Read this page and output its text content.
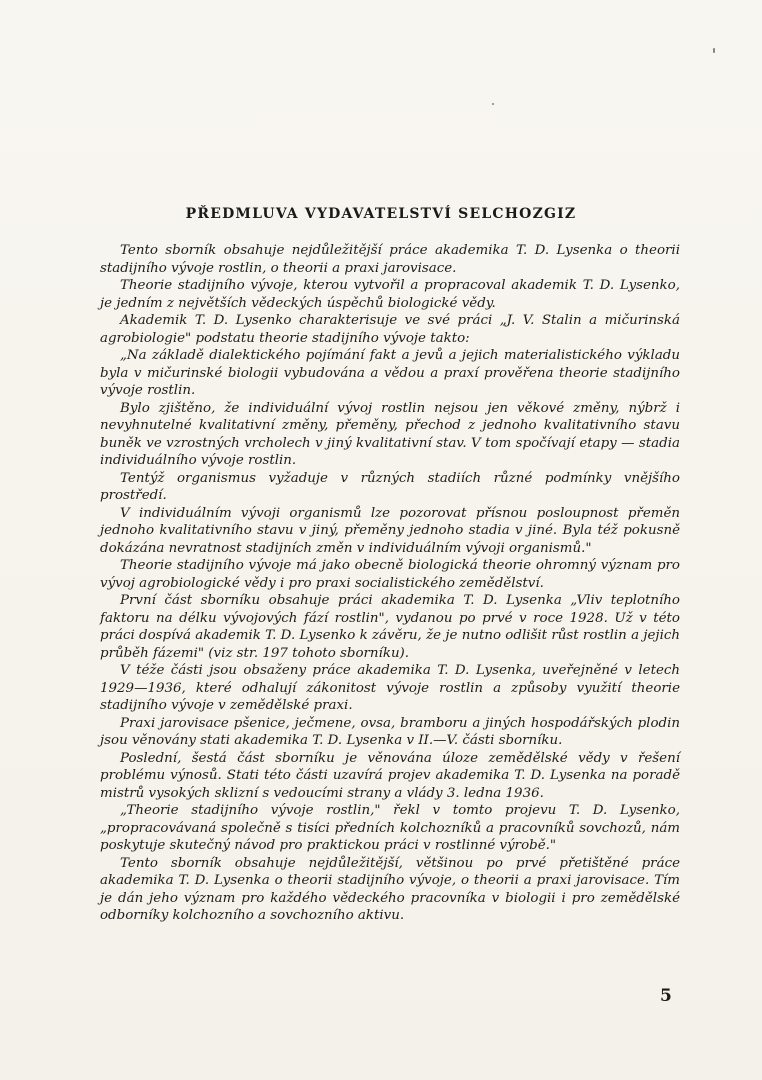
PŘEDMLUVA VYDAVATELSTVÍ SELCHOZGIZ

Tento sborník obsahuje nejdůležitější práce akademika T. D. Lysenka o theorii stadijního vývoje rostlin, o theorii a praxi jarovisace.

Theorie stadijního vývoje, kterou vytvořil a propracoval akademik T. D. Lysenko, je jedním z největších vědeckých úspěchů biologické vědy.

Akademik T. D. Lysenko charakterisuje ve své práci „J. V. Stalin a mičurinská agrobiologie" podstatu theorie stadijního vývoje takto:

„Na základě dialektického pojímání fakt a jevů a jejich materialistického výkladu byla v mičurinské biologii vybudována a vědou a praxí prověřena theorie stadijního vývoje rostlin.

Bylo zjištěno, že individuální vývoj rostlin nejsou jen věkové změny, nýbrž i nevyhnutelné kvalitativní změny, přeměny, přechod z jednoho kvalitativního stavu buněk ve vzrostných vrcholech v jiný kvalitativní stav. V tom spočívají etapy — stadia individuálního vývoje rostlin.

Tentýž organismus vyžaduje v různých stadiích různé podmínky vnějšího prostředí.

V individuálním vývoji organismů lze pozorovat přísnou posloupnost přeměn jednoho kvalitativního stavu v jiný, přeměny jednoho stadia v jiné. Byla též pokusně dokázána nevratnost stadijních změn v individuálním vývoji organismů."

Theorie stadijního vývoje má jako obecně biologická theorie ohromný význam pro vývoj agrobiologické vědy i pro praxi socialistického zemědělství.

První část sborníku obsahuje práci akademika T. D. Lysenka „Vliv teplotního faktoru na délku vývojových fází rostlin", vydanou po prvé v roce 1928. Už v této práci dospívá akademik T. D. Lysenko k závěru, že je nutno odlišit růst rostlin a jejich průběh fázemi" (viz str. 197 tohoto sborníku).

V téže části jsou obsaženy práce akademika T. D. Lysenka, uveřejněné v letech 1929—1936, které odhalují zákonitost vývoje rostlin a způsoby využití theorie stadijního vývoje v zemědělské praxi.

Praxi jarovisace pšenice, ječmene, ovsa, bramboru a jiných hospodářských plodin jsou věnovány stati akademika T. D. Lysenka v II.—V. části sborníku.

Poslední, šestá část sborníku je věnována úloze zemědělské vědy v řešení problému výnosů. Stati této části uzavírá projev akademika T. D. Lysenka na poradě mistrů vysokých sklizní s vedoucími strany a vlády 3. ledna 1936.

„Theorie stadijního vývoje rostlin," řekl v tomto projevu T. D. Lysenko, „propracovávaná společně s tisíci předních kolchozníků a pracovníků sovchozů, nám poskytuje skutečný návod pro praktickou práci v rostlinné výrobě."

Tento sborník obsahuje nejdůležitější, většinou po prvé přetištěné práce akademika T. D. Lysenka o theorii stadijního vývoje, o theorii a praxi jarovisace. Tím je dán jeho význam pro každého vědeckého pracovníka v biologii i pro zemědělské odborníky kolchozního a sovchozního aktivu.

5
